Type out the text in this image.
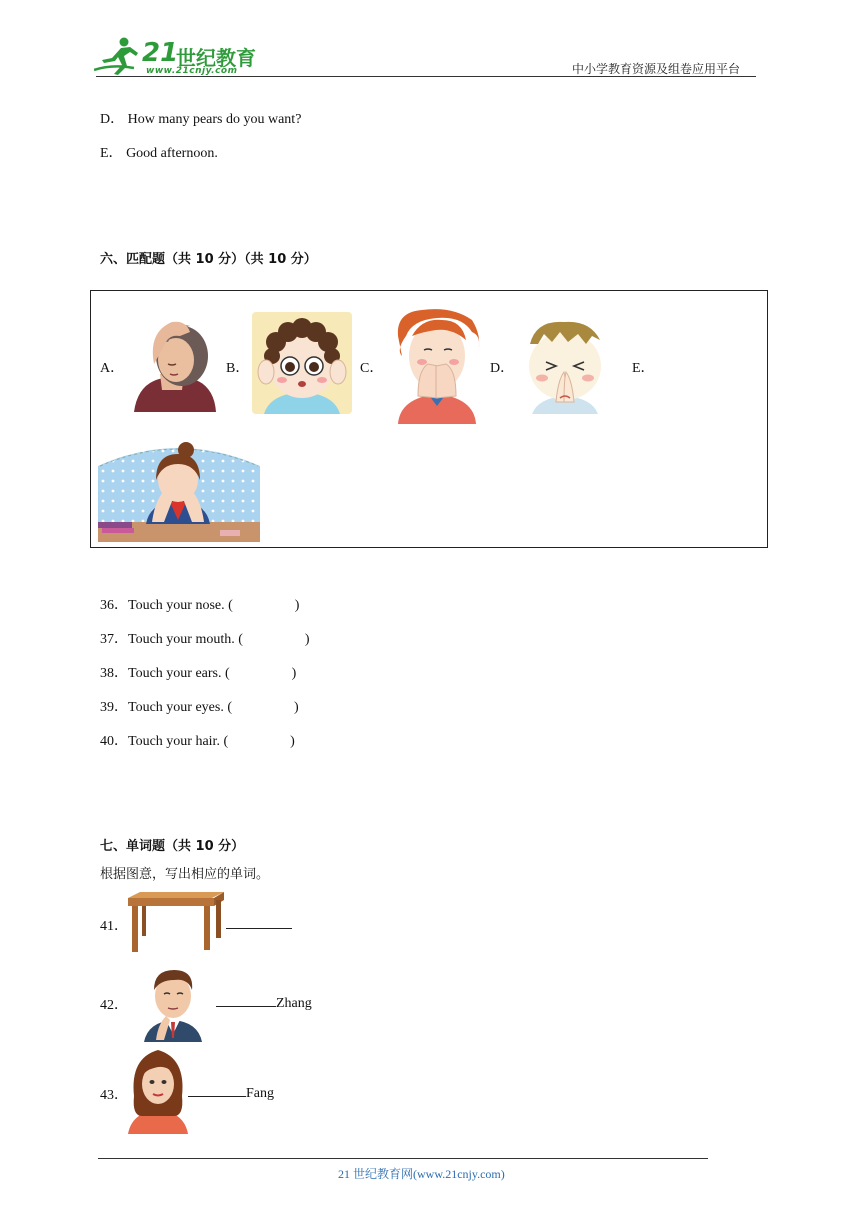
21
世纪教育
www.21cnjy.com	中小学教育资源及组卷应用平台
D． How many pears do you want?
E． Good afternoon.
六、匹配题（共 10 分）（共 10 分）
A．	B．	C．	D．	E．
36．Touch your nose. (	)
37．Touch your mouth. (	)
38．Touch your ears. (	)
39．Touch your eyes. (	)
40．Touch your hair. (	)
七、单词题（共 10 分）
根据图意，写出相应的单词。
41．
42．	Zhang
43．	Fang
21 世纪教育网(www.21cnjy.com)
